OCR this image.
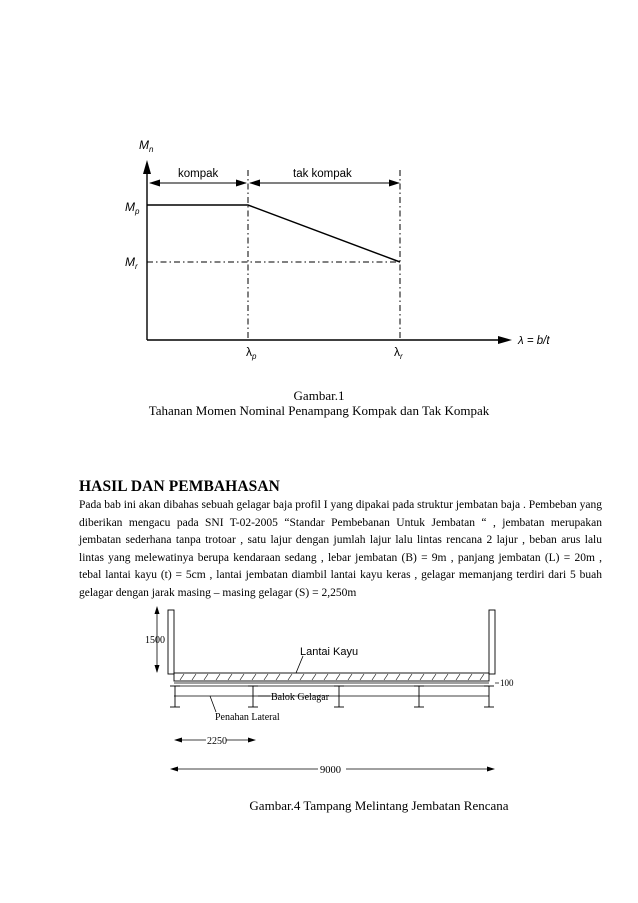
$M_n$
kompak	tak kompak
$M_p$
$M_r$
$\lambda_p$	$\lambda_r$
λ = b/t
Gambar.1
Tahanan Momen Nominal Penampang Kompak dan Tak Kompak
HASIL DAN PEMBAHASAN
Pada bab ini akan dibahas sebuah gelagar baja profil I yang dipakai pada struktur jembatan baja . Pembeban yang diberikan mengacu pada SNI T-02-2005 “Standar Pembebanan Untuk Jembatan “ , jembatan merupakan jembatan sederhana tanpa trotoar , satu lajur dengan jumlah lajur lalu lintas rencana 2 lajur , beban arus lalu lintas yang melewatinya berupa kendaraan sedang , lebar jembatan (B) = 9m , panjang jembatan (L) = 20m , tebal lantai kayu (t) = 5cm , lantai jembatan diambil lantai kayu keras , gelagar memanjang terdiri dari 5 buah gelagar dengan jarak masing – masing gelagar (S) = 2,250m
1500
Lantai Kayu
100
Balok Gelagar
Penahan Lateral
2250
9000
Gambar.4 Tampang Melintang Jembatan Rencana
